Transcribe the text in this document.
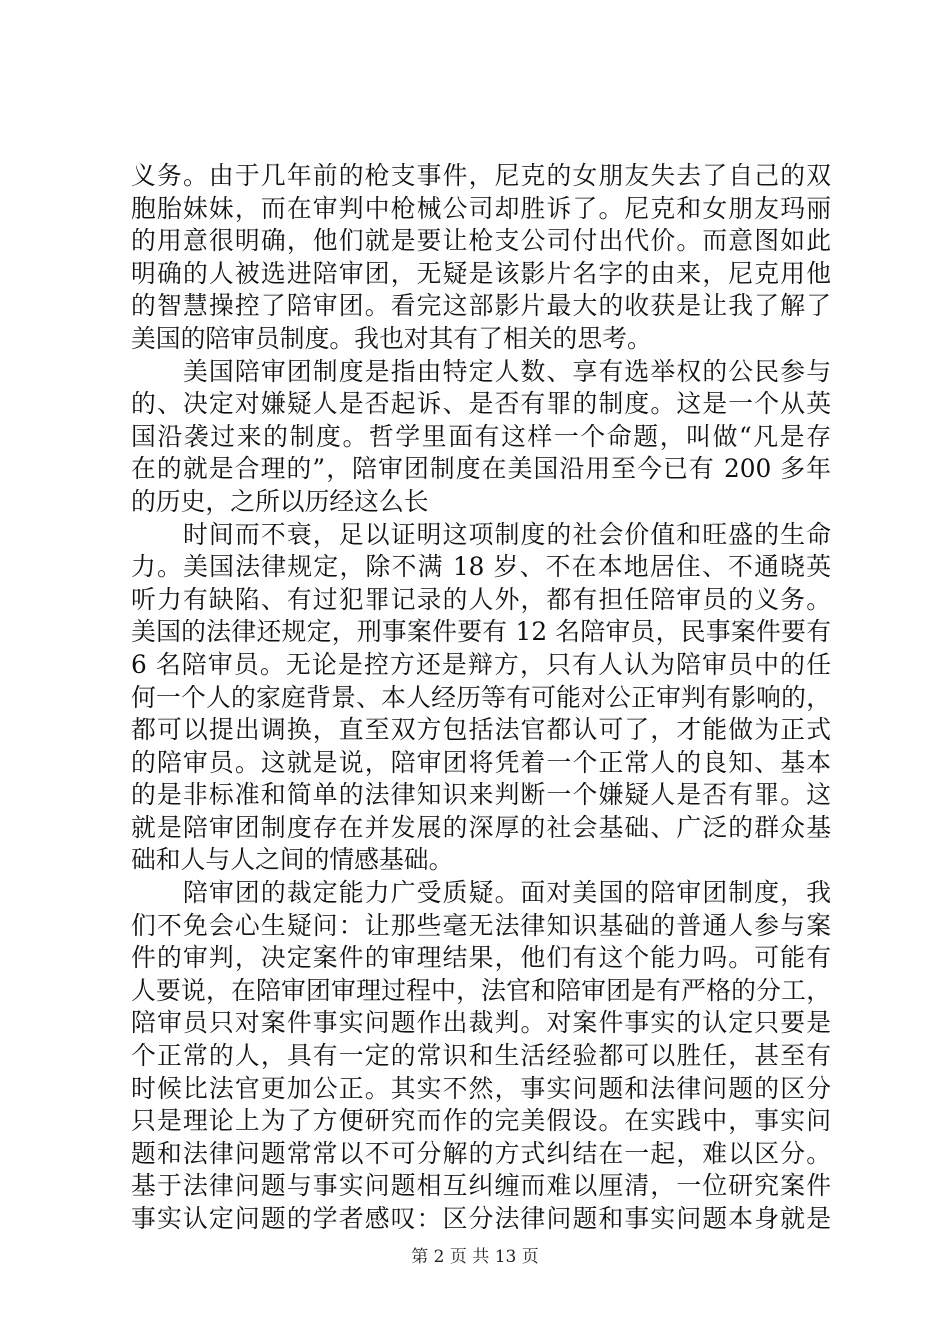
义务。由于几年前的枪支事件，尼克的女朋友失去了自己的双
胞胎妹妹，而在审判中枪械公司却胜诉了。尼克和女朋友玛丽
的用意很明确，他们就是要让枪支公司付出代价。而意图如此
明确的人被选进陪审团，无疑是该影片名字的由来，尼克用他
的智慧操控了陪审团。看完这部影片最大的收获是让我了解了
美国的陪审员制度。我也对其有了相关的思考。
　　美国陪审团制度是指由特定人数、享有选举权的公民参与
的、决定对嫌疑人是否起诉、是否有罪的制度。这是一个从英
国沿袭过来的制度。哲学里面有这样一个命题，叫做“凡是存
在的就是合理的”，陪审团制度在美国沿用至今已有 200 多年
的历史，之所以历经这么长
　　时间而不衰，足以证明这项制度的社会价值和旺盛的生命
力。美国法律规定，除不满 18 岁、不在本地居住、不通晓英
听力有缺陷、有过犯罪记录的人外，都有担任陪审员的义务。
美国的法律还规定，刑事案件要有 12 名陪审员，民事案件要有
6 名陪审员。无论是控方还是辩方，只有人认为陪审员中的任
何一个人的家庭背景、本人经历等有可能对公正审判有影响的，
都可以提出调换，直至双方包括法官都认可了，才能做为正式
的陪审员。这就是说，陪审团将凭着一个正常人的良知、基本
的是非标准和简单的法律知识来判断一个嫌疑人是否有罪。这
就是陪审团制度存在并发展的深厚的社会基础、广泛的群众基
础和人与人之间的情感基础。
　　陪审团的裁定能力广受质疑。面对美国的陪审团制度，我
们不免会心生疑问：让那些毫无法律知识基础的普通人参与案
件的审判，决定案件的审理结果，他们有这个能力吗。可能有
人要说，在陪审团审理过程中，法官和陪审团是有严格的分工，
陪审员只对案件事实问题作出裁判。对案件事实的认定只要是
个正常的人，具有一定的常识和生活经验都可以胜任，甚至有
时候比法官更加公正。其实不然，事实问题和法律问题的区分
只是理论上为了方便研究而作的完美假设。在实践中，事实问
题和法律问题常常以不可分解的方式纠结在一起，难以区分。
基于法律问题与事实问题相互纠缠而难以厘清，一位研究案件
事实认定问题的学者感叹：区分法律问题和事实问题本身就是
第 2 页 共 13 页
